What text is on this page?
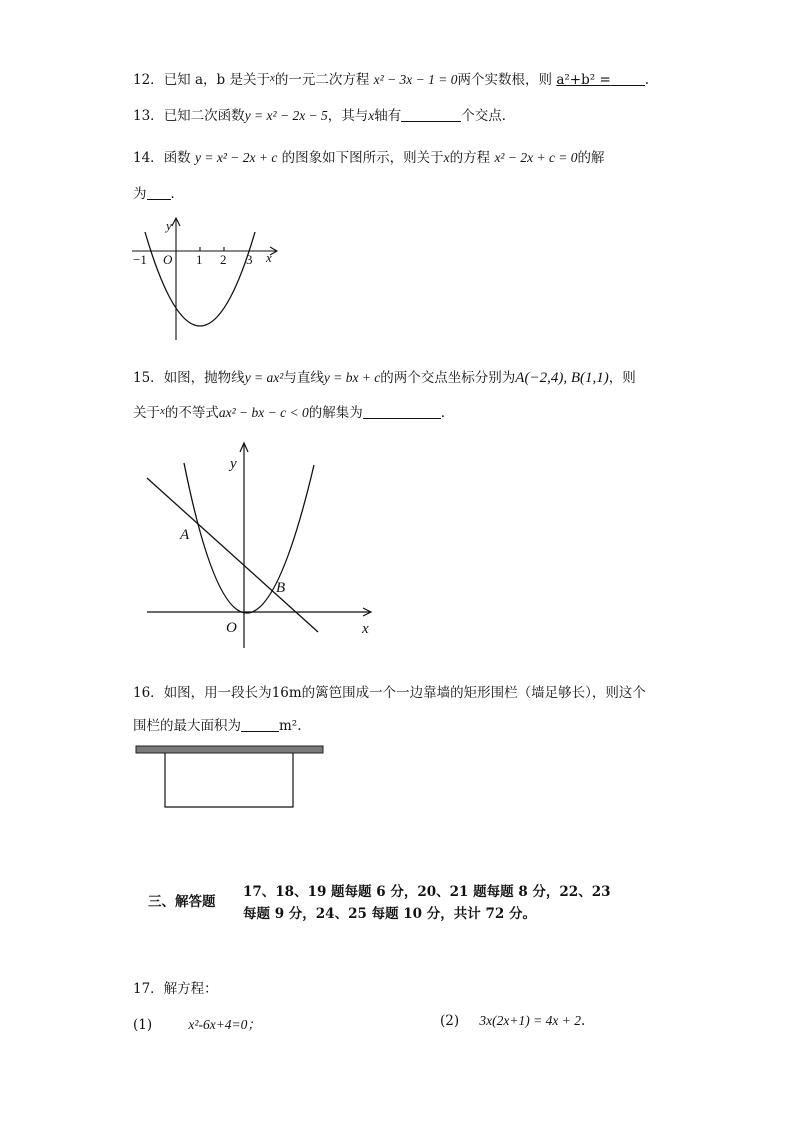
12．已知 a，b 是关于$^x$的一元二次方程 x² − 3x − 1 = 0两个实数根，则 a²+b² =	.
13．已知二次函数y = x² − 2x − 5，其与x轴有	个交点．
14．函数 y = x² − 2x + c 的图象如下图所示，则关于x的方程 x² − 2x + c = 0的解
为 ．
y
x
O
−1	1 2 3
15．如图，抛物线y = ax²与直线y = bx + c的两个交点坐标分别为A(−2,4), B(1,1)，则
关于$^x$的不等式ax² − bx − c < 0的解集为	．
y
x
O
A
B
16．如图，用一段长为16m的篱笆围成一个一边靠墙的矩形围栏（墙足够长），则这个
围栏的最大面积为	m².
三、解答题
17、18、19 题每题 6 分，20、21 题每题 8 分，22、23 每题 9 分，24、25 每题 10 分，共计 72 分。
17．解方程：
(1)	x²-6x+4=0；	(2) 3x(2x+1) = 4x + 2.
